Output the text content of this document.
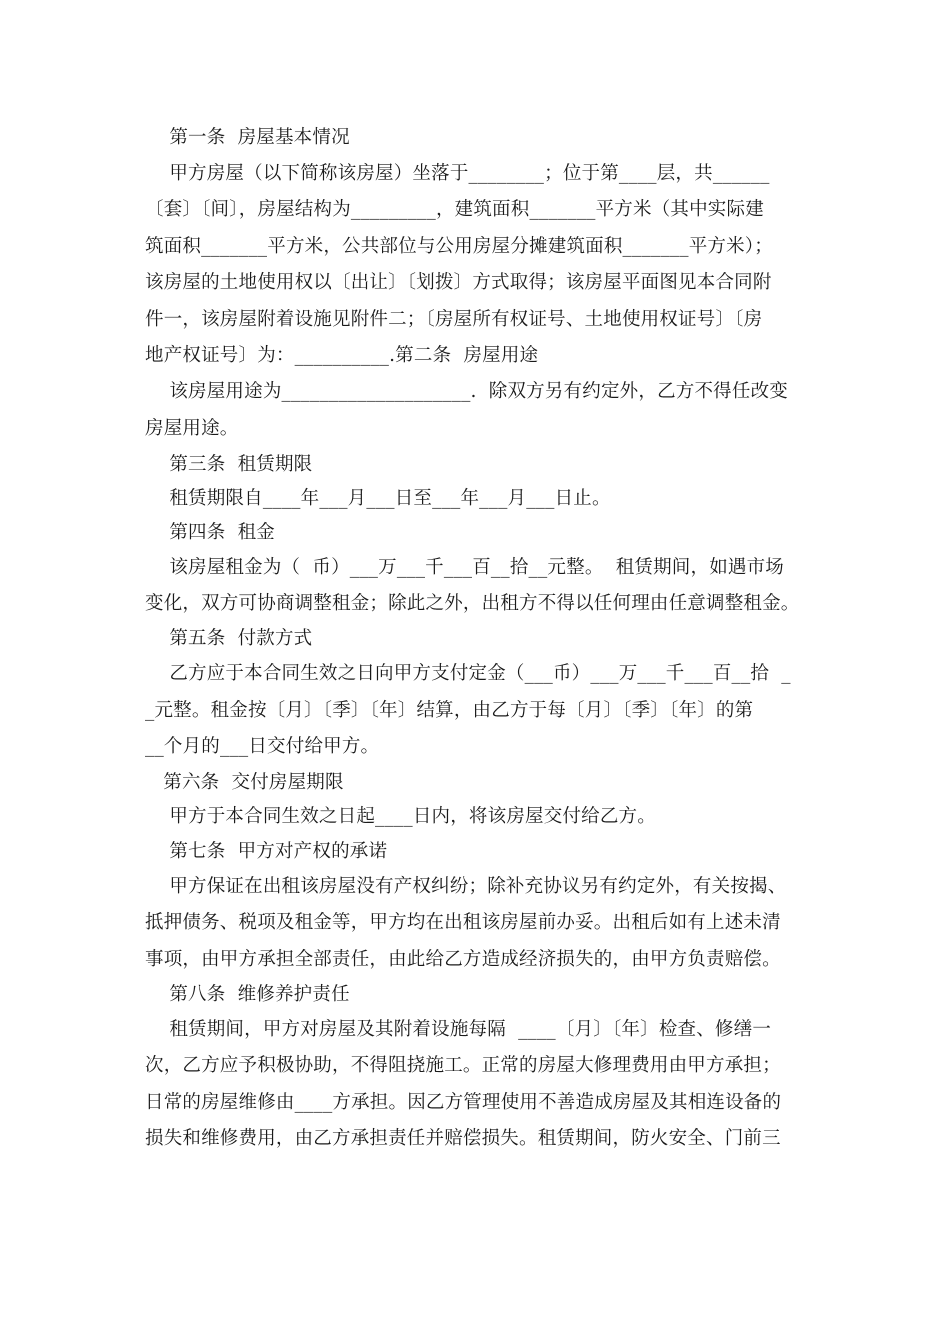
第一条  房屋基本情况
甲方房屋（以下简称该房屋）坐落于________；位于第____层，共______
〔套〕〔间〕，房屋结构为_________，建筑面积_______平方米（其中实际建
筑面积_______平方米，公共部位与公用房屋分摊建筑面积_______平方米）；
该房屋的土地使用权以〔出让〕〔划拨〕方式取得；该房屋平面图见本合同附
件一，该房屋附着设施见附件二；〔房屋所有权证号、土地使用权证号〕〔房
地产权证号〕为：__________.第二条  房屋用途
该房屋用途为____________________.  除双方另有约定外，乙方不得任改变
房屋用途。
第三条  租赁期限
租赁期限自____年___月___日至___年___月___日止。
第四条  租金
该房屋租金为（  币）___万___千___百__拾__元整。  租赁期间，如遇市场
变化，双方可协商调整租金；除此之外，出租方不得以任何理由任意调整租金。
第五条  付款方式
乙方应于本合同生效之日向甲方支付定金（___币）___万___千___百__拾  _
_元整。租金按〔月〕〔季〕〔年〕结算，由乙方于每〔月〕〔季〕〔年〕的第
__个月的___日交付给甲方。
第六条  交付房屋期限
甲方于本合同生效之日起____日内，将该房屋交付给乙方。
第七条  甲方对产权的承诺
甲方保证在出租该房屋没有产权纠纷；除补充协议另有约定外，有关按揭、
抵押债务、税项及租金等，甲方均在出租该房屋前办妥。出租后如有上述未清
事项，由甲方承担全部责任，由此给乙方造成经济损失的，由甲方负责赔偿。
第八条  维修养护责任
租赁期间，甲方对房屋及其附着设施每隔  ____〔月〕〔年〕检查、修缮一
次，乙方应予积极协助，不得阻挠施工。正常的房屋大修理费用由甲方承担；
日常的房屋维修由____方承担。因乙方管理使用不善造成房屋及其相连设备的
损失和维修费用，由乙方承担责任并赔偿损失。租赁期间，防火安全、门前三
